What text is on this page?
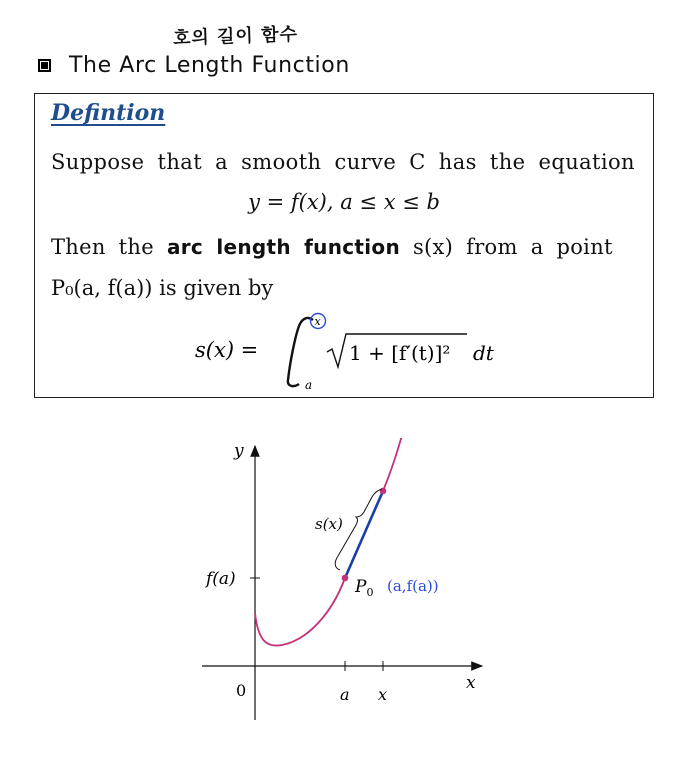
호의 길이 함수
The Arc Length Function
Defintion
Suppose that a smooth curve C has the equation
y = f(x), a ≤ x ≤ b
Then the arc length function s(x) from a point
P₀(a, f(a)) is given by
s(x) =
x
a
1 + [f′(t)]² dt
y
x
0	a x
f(a)
s(x)
$P_0$ (a,f(a))
